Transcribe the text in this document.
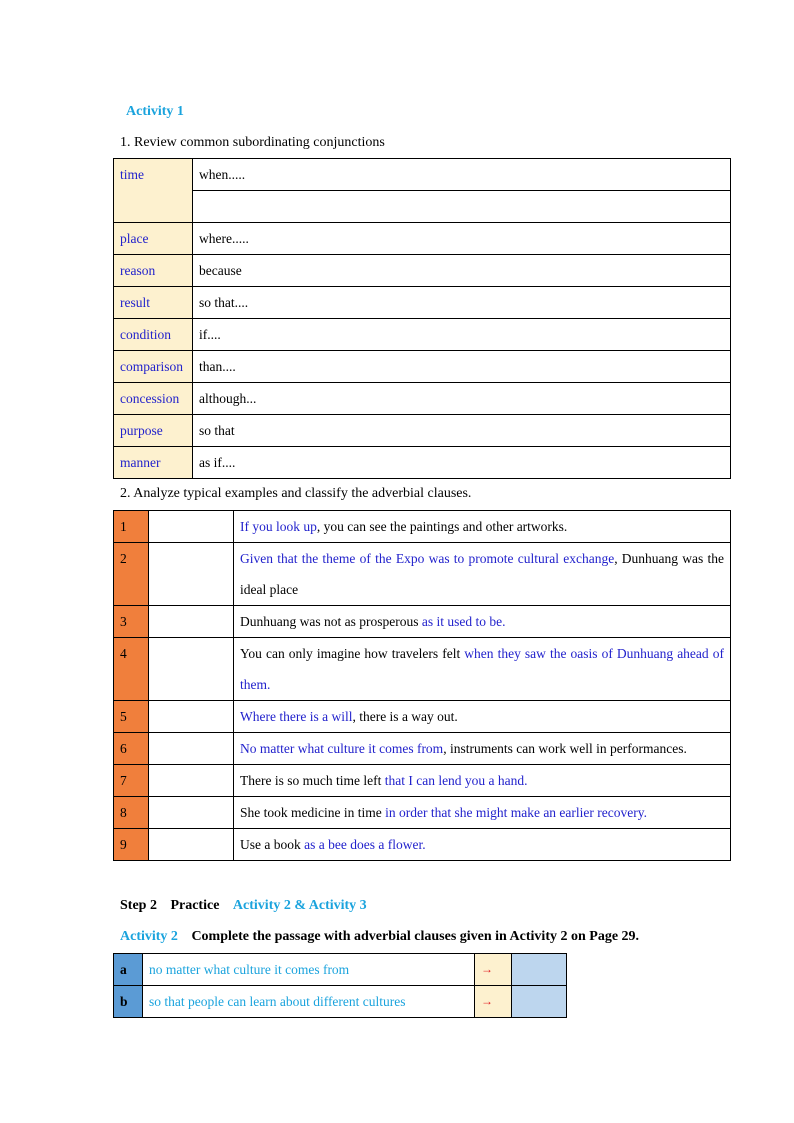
Activity 1
1. Review common subordinating conjunctions
time	when.....

place	where.....
reason	because
result	so that....
condition	if....
comparison	than....
concession	although...
purpose	so that
manner	as if....
2. Analyze typical examples and classify the adverbial clauses.
1		If you look up, you can see the paintings and other artworks.
2		Given that the theme of the Expo was to promote cultural exchange, Dunhuang was the ideal place
3		Dunhuang was not as prosperous as it used to be.
4		You can only imagine how travelers felt when they saw the oasis of Dunhuang ahead of them.
5		Where there is a will, there is a way out.
6		No matter what culture it comes from, instruments can work well in performances.
7		There is so much time left that I can lend you a hand.
8		She took medicine in time in order that she might make an earlier recovery.
9		Use a book as a bee does a flower.
Step 2 Practice Activity 2 & Activity 3
Activity 2 Complete the passage with adverbial clauses given in Activity 2 on Page 29.
a	no matter what culture it comes from	→	
b	so that people can learn about different cultures	→	
